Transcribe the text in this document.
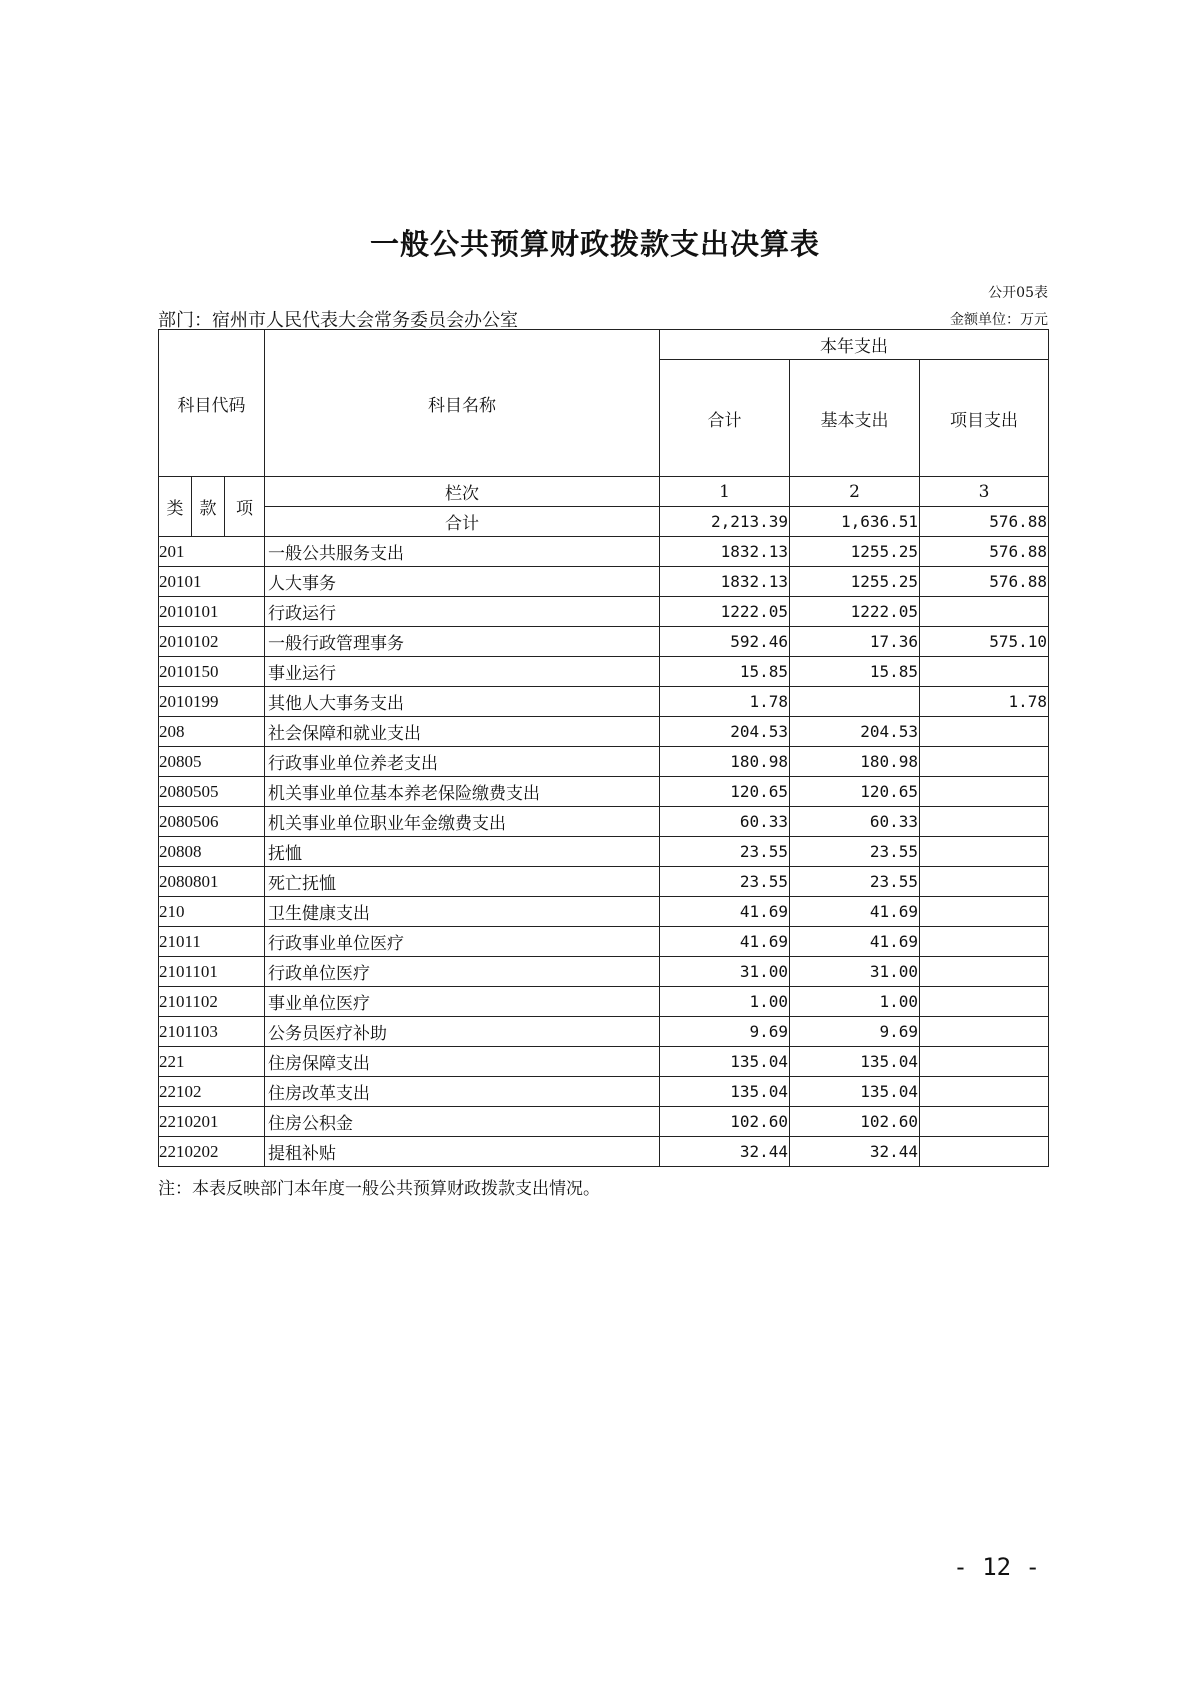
一般公共预算财政拨款支出决算表
公开05表
部门：宿州市人民代表大会常务委员会办公室	金额单位：万元
科目代码			科目名称	本年支出		
				合计	基本支出	项目支出
类	款	项	栏次	1	2	3
			合计	2,213.39	1,636.51	576.88
201			一般公共服务支出	1832.13	1255.25	576.88
20101			人大事务	1832.13	1255.25	576.88
2010101			行政运行	1222.05	1222.05	
2010102			一般行政管理事务	592.46	17.36	575.10
2010150			事业运行	15.85	15.85	
2010199			其他人大事务支出	1.78		1.78
208			社会保障和就业支出	204.53	204.53	
20805			行政事业单位养老支出	180.98	180.98	
2080505			机关事业单位基本养老保险缴费支出	120.65	120.65	
2080506			机关事业单位职业年金缴费支出	60.33	60.33	
20808			抚恤	23.55	23.55	
2080801			死亡抚恤	23.55	23.55	
210			卫生健康支出	41.69	41.69	
21011			行政事业单位医疗	41.69	41.69	
2101101			行政单位医疗	31.00	31.00	
2101102			事业单位医疗	1.00	1.00	
2101103			公务员医疗补助	9.69	9.69	
221			住房保障支出	135.04	135.04	
22102			住房改革支出	135.04	135.04	
2210201			住房公积金	102.60	102.60	
2210202			提租补贴	32.44	32.44	
注：本表反映部门本年度一般公共预算财政拨款支出情况。
- 12 -
